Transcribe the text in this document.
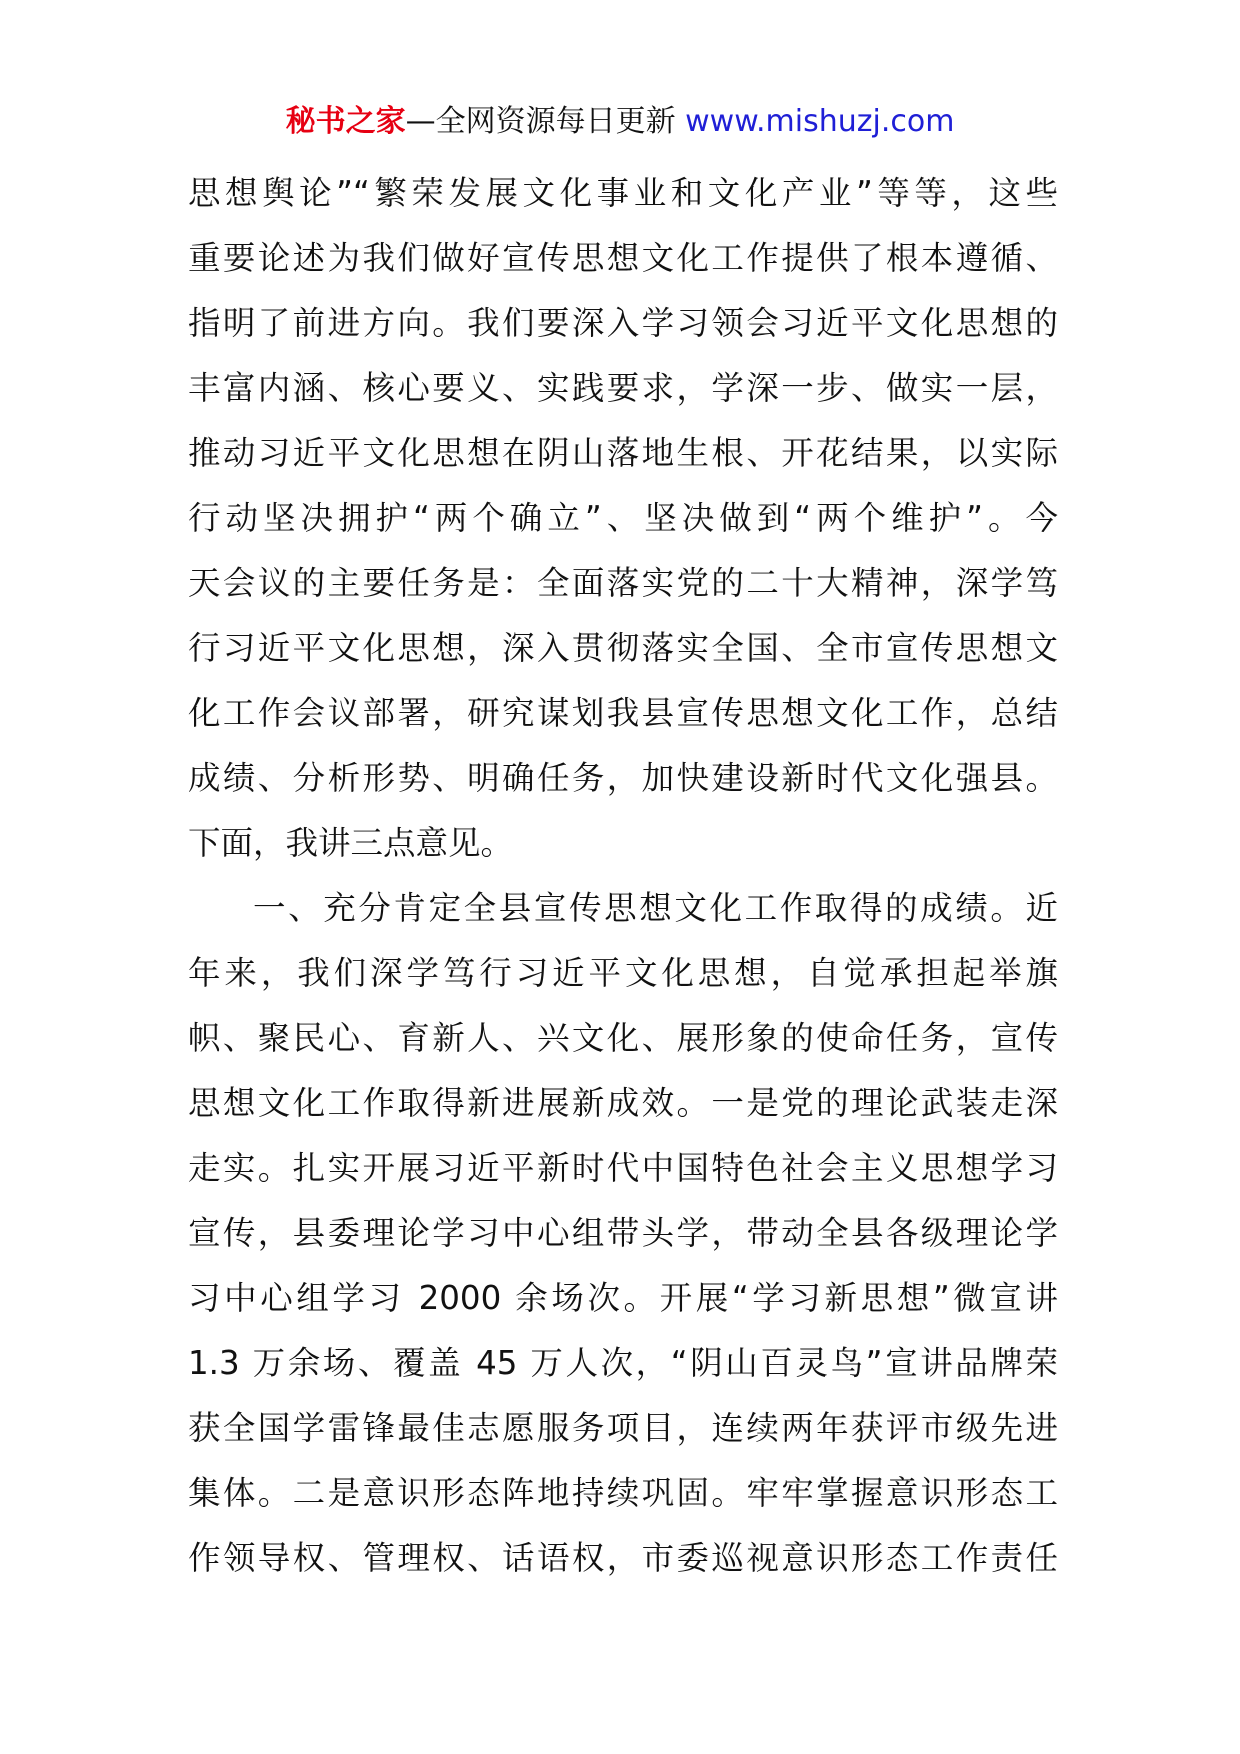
秘书之家—全网资源每日更新 www.mishuzj.com
思想舆论”“繁荣发展文化事业和文化产业”等等，这些
重要论述为我们做好宣传思想文化工作提供了根本遵循、
指明了前进方向。我们要深入学习领会习近平文化思想的
丰富内涵、核心要义、实践要求，学深一步、做实一层，
推动习近平文化思想在阴山落地生根、开花结果，以实际
行动坚决拥护“两个确立”、坚决做到“两个维护”。今
天会议的主要任务是：全面落实党的二十大精神，深学笃
行习近平文化思想，深入贯彻落实全国、全市宣传思想文
化工作会议部署，研究谋划我县宣传思想文化工作，总结
成绩、分析形势、明确任务，加快建设新时代文化强县。
下面，我讲三点意见。
一、充分肯定全县宣传思想文化工作取得的成绩。近
年来，我们深学笃行习近平文化思想，自觉承担起举旗
帜、聚民心、育新人、兴文化、展形象的使命任务，宣传
思想文化工作取得新进展新成效。一是党的理论武装走深
走实。扎实开展习近平新时代中国特色社会主义思想学习
宣传，县委理论学习中心组带头学，带动全县各级理论学
习中心组学习 2000 余场次。开展“学习新思想”微宣讲
1.3 万余场、覆盖 45 万人次，“阴山百灵鸟”宣讲品牌荣
获全国学雷锋最佳志愿服务项目，连续两年获评市级先进
集体。二是意识形态阵地持续巩固。牢牢掌握意识形态工
作领导权、管理权、话语权，市委巡视意识形态工作责任
